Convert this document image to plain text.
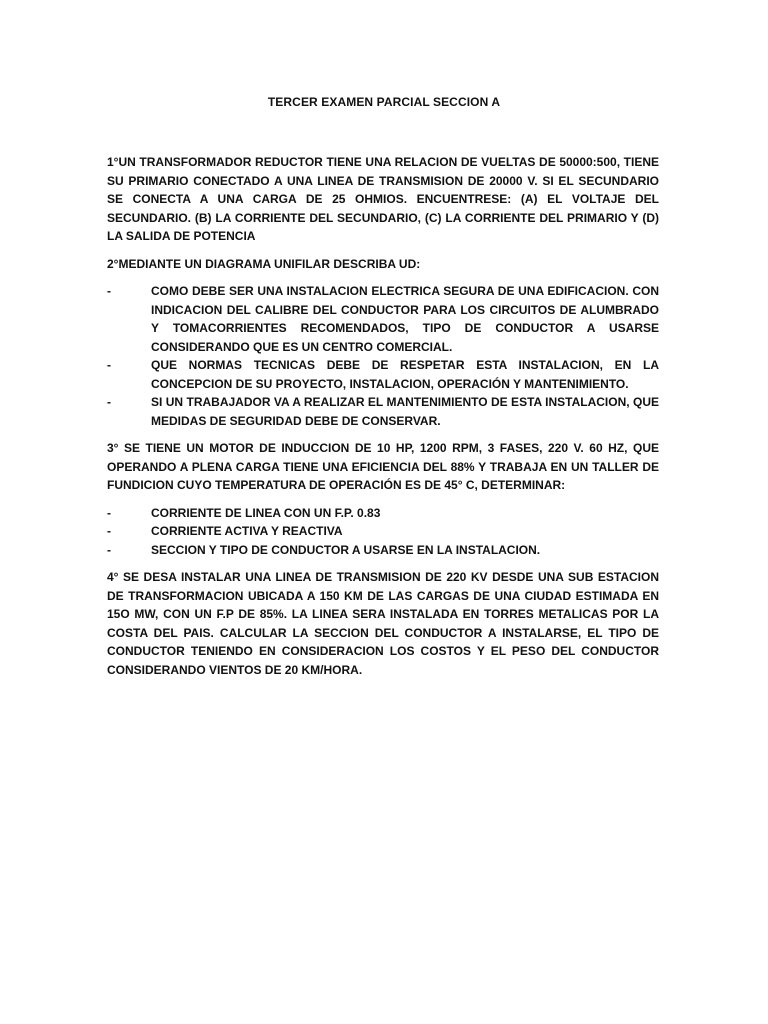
TERCER EXAMEN PARCIAL SECCION A

1°UN TRANSFORMADOR REDUCTOR TIENE UNA RELACION DE VUELTAS DE 50000:500, TIENE SU PRIMARIO CONECTADO A UNA LINEA DE TRANSMISION DE 20000 V. SI EL SECUNDARIO SE CONECTA A UNA CARGA DE 25 OHMIOS. ENCUENTRESE: (A) EL VOLTAJE DEL SECUNDARIO. (B) LA CORRIENTE DEL SECUNDARIO, (C) LA CORRIENTE DEL PRIMARIO Y (D) LA SALIDA DE POTENCIA

2°MEDIANTE UN DIAGRAMA UNIFILAR DESCRIBA UD:

-	COMO DEBE SER UNA INSTALACION ELECTRICA SEGURA DE UNA EDIFICACION. CON INDICACION DEL CALIBRE DEL CONDUCTOR PARA LOS CIRCUITOS DE ALUMBRADO Y TOMACORRIENTES RECOMENDADOS, TIPO DE CONDUCTOR A USARSE CONSIDERANDO QUE ES UN CENTRO COMERCIAL.
-	QUE NORMAS TECNICAS DEBE DE RESPETAR ESTA INSTALACION, EN LA CONCEPCION DE SU PROYECTO, INSTALACION, OPERACIÓN Y MANTENIMIENTO.
-	SI UN TRABAJADOR VA A REALIZAR EL MANTENIMIENTO DE ESTA INSTALACION, QUE MEDIDAS DE SEGURIDAD DEBE DE CONSERVAR.

3° SE TIENE UN MOTOR DE INDUCCION DE 10 HP, 1200 RPM, 3 FASES, 220 V. 60 HZ, QUE OPERANDO A PLENA CARGA TIENE UNA EFICIENCIA DEL 88% Y TRABAJA EN UN TALLER DE FUNDICION CUYO TEMPERATURA DE OPERACIÓN ES DE 45° C, DETERMINAR:

-	CORRIENTE DE LINEA CON UN F.P. 0.83
-	CORRIENTE ACTIVA Y REACTIVA
-	SECCION Y TIPO DE CONDUCTOR A USARSE EN LA INSTALACION.

4° SE DESA INSTALAR UNA LINEA DE TRANSMISION DE 220 KV DESDE UNA SUB ESTACION DE TRANSFORMACION UBICADA A 150 KM DE LAS CARGAS DE UNA CIUDAD ESTIMADA EN 15O MW, CON UN F.P DE 85%. LA LINEA SERA INSTALADA EN TORRES METALICAS POR LA COSTA DEL PAIS. CALCULAR LA SECCION DEL CONDUCTOR A INSTALARSE, EL TIPO DE CONDUCTOR TENIENDO EN CONSIDERACION LOS COSTOS Y EL PESO DEL CONDUCTOR CONSIDERANDO VIENTOS DE 20 KM/HORA.
